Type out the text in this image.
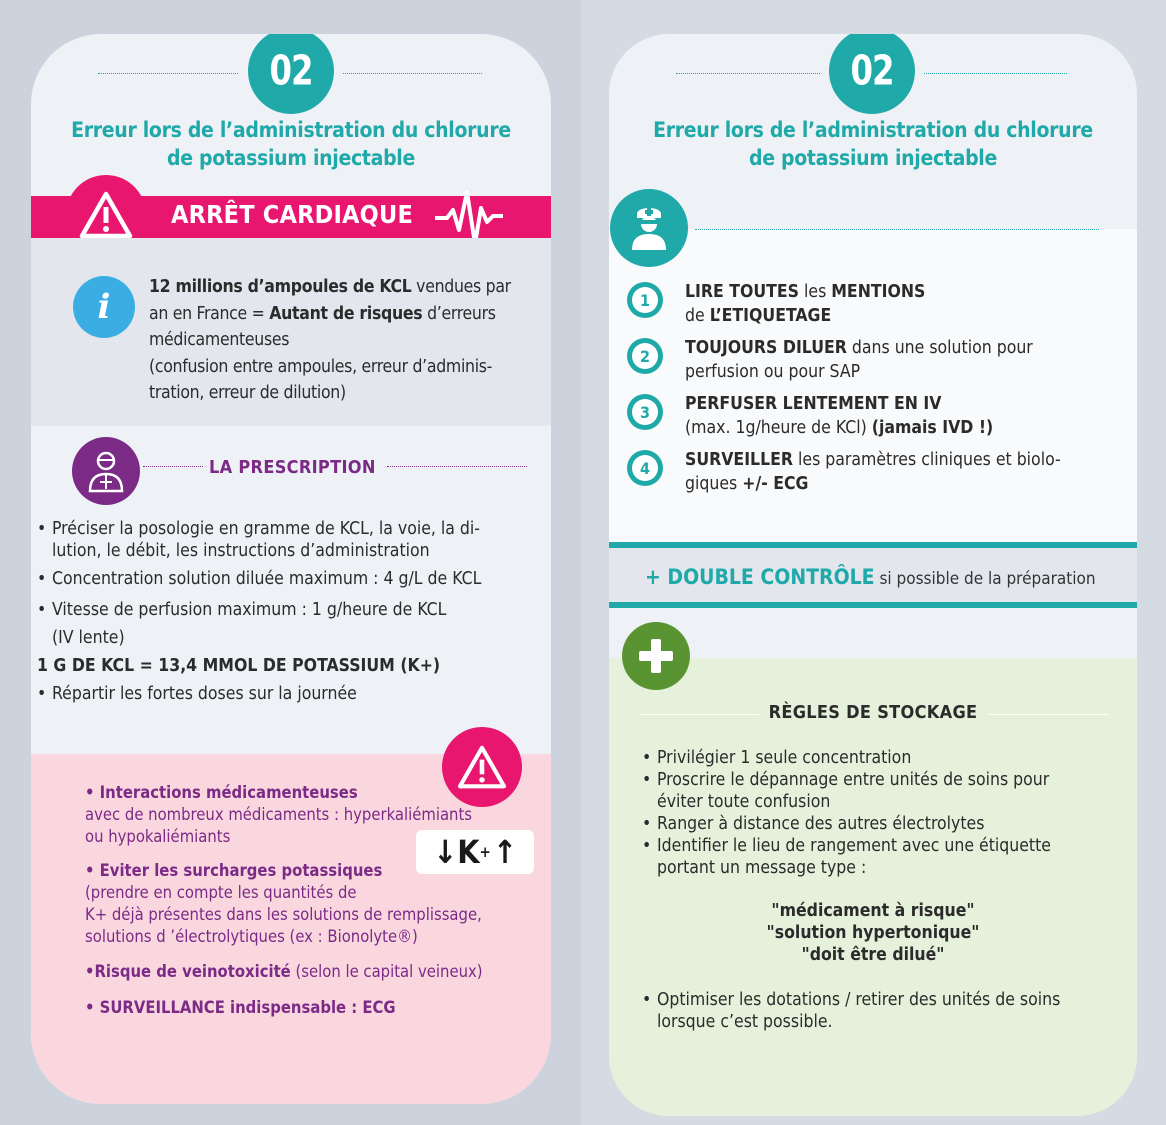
02
Erreur lors de l’administration du chlorure
de potassium injectable
ARRÊT CARDIAQUE
i	12 millions d’ampoules de KCL vendues par
an en France = Autant de risques d’erreurs
médicamenteuses
(confusion entre ampoules, erreur d’adminis-
tration, erreur de dilution)
LA PRESCRIPTION
• Préciser la posologie en gramme de KCL, la voie, la di-
lution, le débit, les instructions d’administration
• Concentration solution diluée maximum : 4 g/L de KCL
• Vitesse de perfusion maximum : 1 g/heure de KCL
(IV lente)
1 G DE KCL = 13,4 MMOL DE POTASSIUM (K+)
• Répartir les fortes doses sur la journée
↓ K + ↑

• Interactions médicamenteuses

avec de nombreux médicaments : hyperkaliémiants

ou hypokaliémiants

• Eviter les surcharges potassiques

(prendre en compte les quantités de

K+ déjà présentes dans les solutions de remplissage,

solutions d ’électrolytiques (ex : Bionolyte®)

•Risque de veinotoxicité (selon le capital veineux)

• SURVEILLANCE indispensable : ECG

02
Erreur lors de l’administration du chlorure
de potassium injectable
1	LIRE TOUTES les MENTIONS
de L’ETIQUETAGE
2	TOUJOURS DILUER dans une solution pour
perfusion ou pour SAP
3	PERFUSER LENTEMENT EN IV
(max. 1g/heure de KCl) (jamais IVD !)
4	SURVEILLER les paramètres cliniques et biolo-
giques +/- ECG
+ DOUBLE CONTRÔLE si possible de la préparation
RÈGLES DE STOCKAGE
• Privilégier 1 seule concentration
• Proscrire le dépannage entre unités de soins pour
éviter toute confusion
• Ranger à distance des autres électrolytes
• Identifier le lieu de rangement avec une étiquette
portant un message type :
"médicament à risque"
"solution hypertonique"
"doit être dilué"
• Optimiser les dotations / retirer des unités de soins
lorsque c’est possible.
